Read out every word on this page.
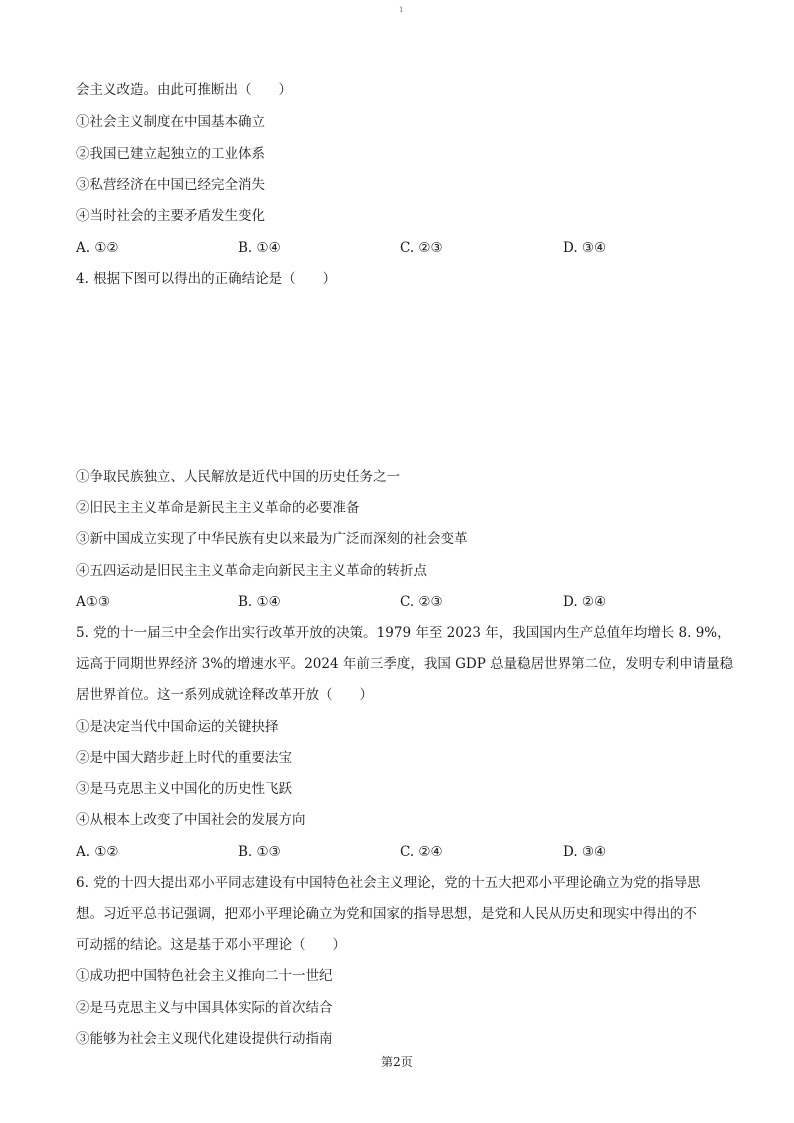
1
会主义改造。由此可推断出（　　）
①社会主义制度在中国基本确立
②我国已建立起独立的工业体系
③私营经济在中国已经完全消失
④当时社会的主要矛盾发生变化
A. ①②	B. ①④	C. ②③	D. ③④
4. 根据下图可以得出的正确结论是（　　）
①争取民族独立、人民解放是近代中国的历史任务之一
②旧民主主义革命是新民主主义革命的必要准备
③新中国成立实现了中华民族有史以来最为广泛而深刻的社会变革
④五四运动是旧民主主义革命走向新民主主义革命的转折点
A①③	B. ①④	C. ②③	D. ②④
5. 党的十一届三中全会作出实行改革开放的决策。1979 年至 2023 年，我国国内生产总值年均增长 8. 9%，
远高于同期世界经济 3%的增速水平。2024 年前三季度，我国 GDP 总量稳居世界第二位，发明专利申请量稳
居世界首位。这一系列成就诠释改革开放（　　）
①是决定当代中国命运的关键抉择
②是中国大踏步赶上时代的重要法宝
③是马克思主义中国化的历史性飞跃
④从根本上改变了中国社会的发展方向
A. ①②	B. ①③	C. ②④	D. ③④
6. 党的十四大提出邓小平同志建设有中国特色社会主义理论，党的十五大把邓小平理论确立为党的指导思
想。习近平总书记强调，把邓小平理论确立为党和国家的指导思想，是党和人民从历史和现实中得出的不
可动摇的结论。这是基于邓小平理论（　　）
①成功把中国特色社会主义推向二十一世纪
②是马克思主义与中国具体实际的首次结合
③能够为社会主义现代化建设提供行动指南
第2页
